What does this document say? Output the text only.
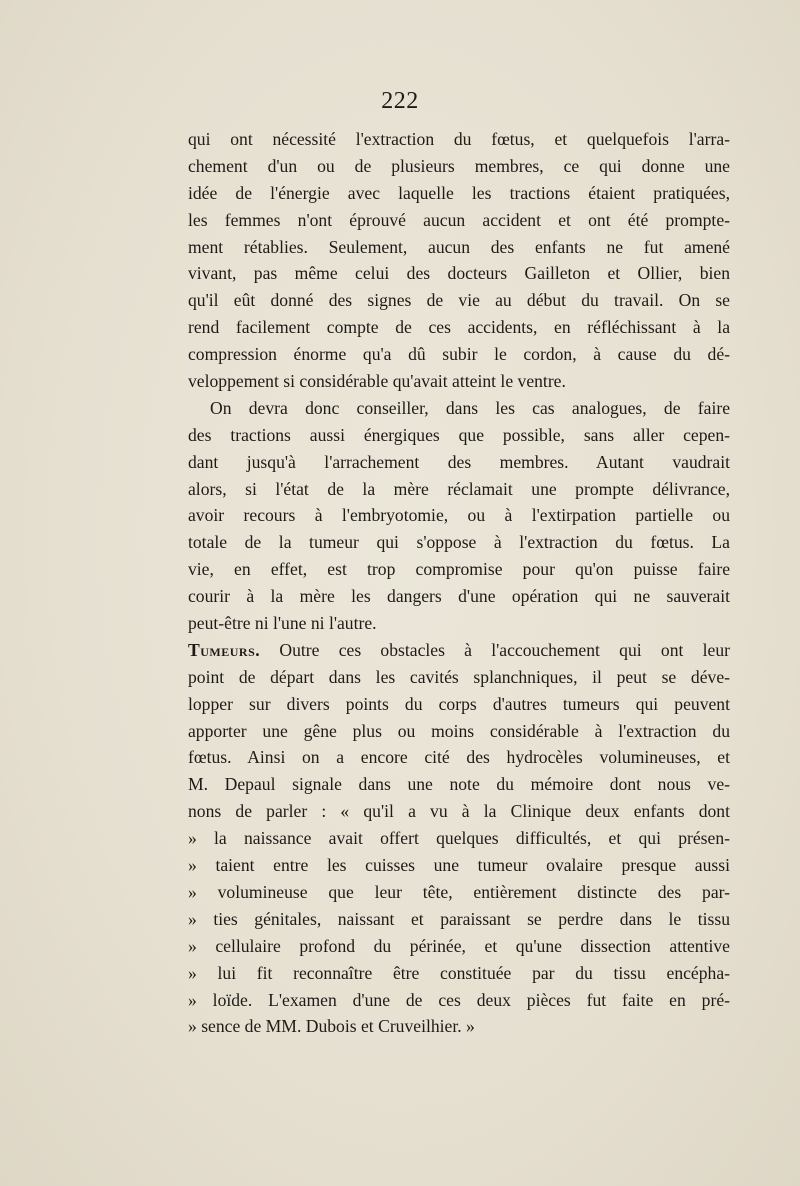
222
qui ont nécessité l'extraction du fœtus, et quelquefois l'arra-
chement d'un ou de plusieurs membres, ce qui donne une
idée de l'énergie avec laquelle les tractions étaient pratiquées,
les femmes n'ont éprouvé aucun accident et ont été prompte-
ment rétablies. Seulement, aucun des enfants ne fut amené
vivant, pas même celui des docteurs Gailleton et Ollier, bien
qu'il eût donné des signes de vie au début du travail. On se
rend facilement compte de ces accidents, en réfléchissant à la
compression énorme qu'a dû subir le cordon, à cause du dé-
veloppement si considérable qu'avait atteint le ventre.
On devra donc conseiller, dans les cas analogues, de faire
des tractions aussi énergiques que possible, sans aller cepen-
dant jusqu'à l'arrachement des membres. Autant vaudrait
alors, si l'état de la mère réclamait une prompte délivrance,
avoir recours à l'embryotomie, ou à l'extirpation partielle ou
totale de la tumeur qui s'oppose à l'extraction du fœtus. La
vie, en effet, est trop compromise pour qu'on puisse faire
courir à la mère les dangers d'une opération qui ne sauverait
peut-être ni l'une ni l'autre.
Tumeurs. Outre ces obstacles à l'accouchement qui ont leur
point de départ dans les cavités splanchniques, il peut se déve-
lopper sur divers points du corps d'autres tumeurs qui peuvent
apporter une gêne plus ou moins considérable à l'extraction du
fœtus. Ainsi on a encore cité des hydrocèles volumineuses, et
M. Depaul signale dans une note du mémoire dont nous ve-
nons de parler : « qu'il a vu à la Clinique deux enfants dont
» la naissance avait offert quelques difficultés, et qui présen-
» taient entre les cuisses une tumeur ovalaire presque aussi
» volumineuse que leur tête, entièrement distincte des par-
» ties génitales, naissant et paraissant se perdre dans le tissu
» cellulaire profond du périnée, et qu'une dissection attentive
» lui fit reconnaître être constituée par du tissu encépha-
» loïde. L'examen d'une de ces deux pièces fut faite en pré-
» sence de MM. Dubois et Cruveilhier. »
